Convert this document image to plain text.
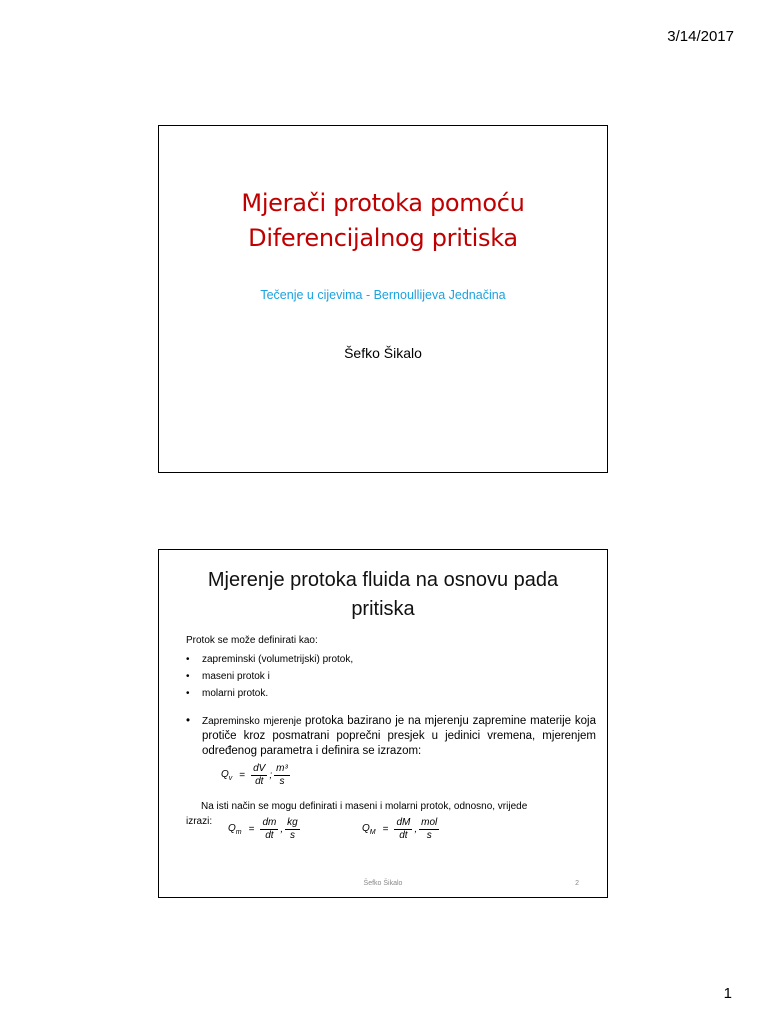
3/14/2017
Mjerači protoka pomoću
Diferencijalnog pritiska
Tečenje u cijevima - Bernoullijeva Jednačina
Šefko Šikalo
Mjerenje protoka fluida na osnovu pada
pritiska
Protok se može definirati kao:
• zapreminski (volumetrijski) protok,
• maseni protok i
• molarni protok.
•	Zapreminsko mjerenje protoka bazirano je na mjerenju zapremine materije koja protiče kroz posmatrani poprečni presjek u jedinici vremena, mjerenjem određenog parametra i definira se izrazom:
$Q_v = \frac{dV}{dt}$ ; $\frac{\text{m³}}{s}$
Na isti način se mogu definirati i maseni i molarni protok, odnosno, vrijede
izrazi:
$Q_m = \frac{dm}{dt}$ , $\frac{kg}{s}$	$Q_M = \frac{dM}{dt}$ , $\frac{\text{mol}}{s}$
Šefko Šikalo	2
1
